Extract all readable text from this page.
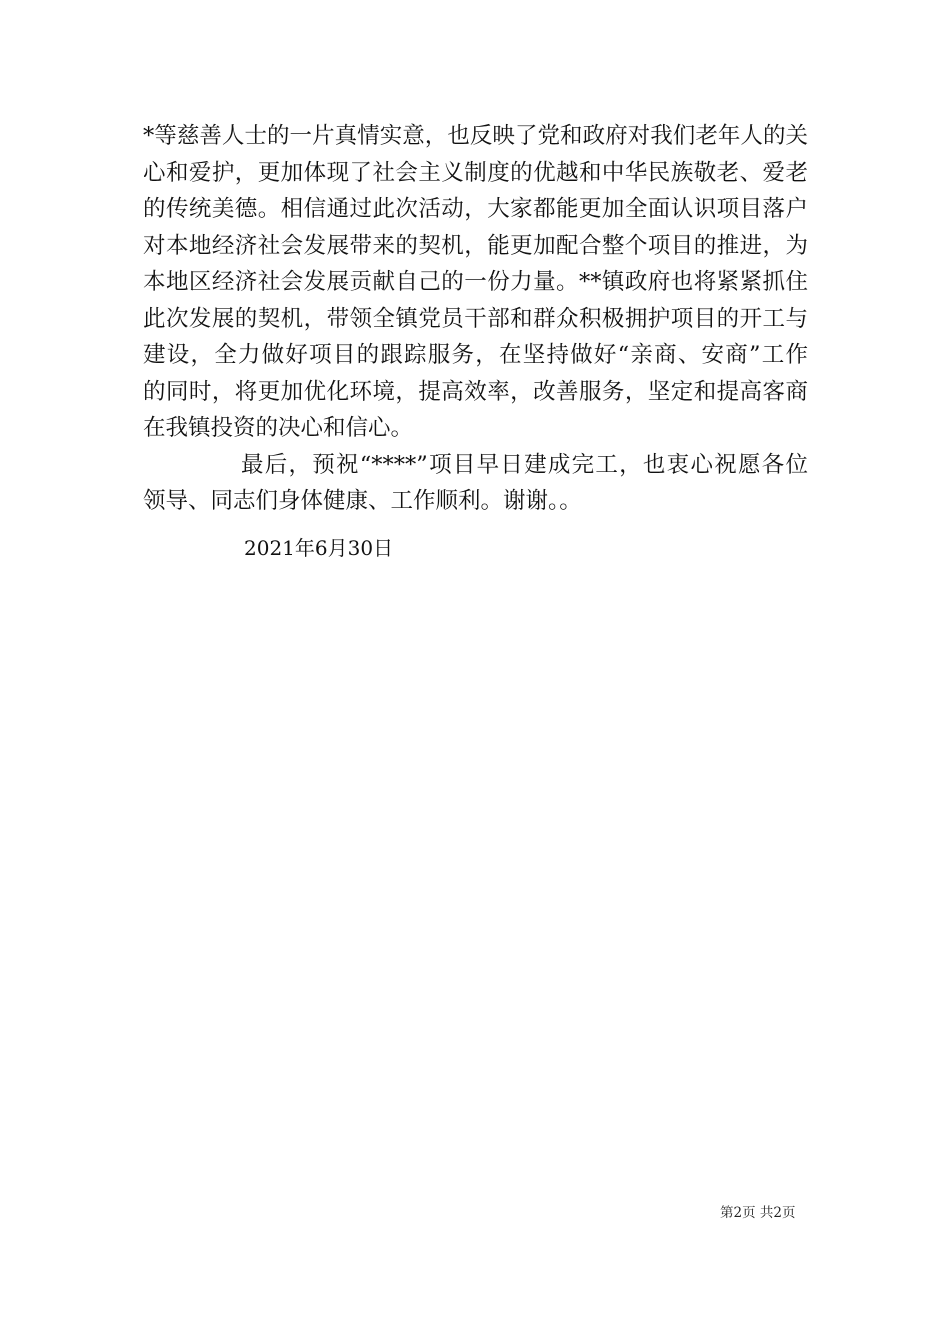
*等慈善人士的一片真情实意，也反映了党和政府对我们老年人的关
心和爱护，更加体现了社会主义制度的优越和中华民族敬老、爱老
的传统美德。相信通过此次活动，大家都能更加全面认识项目落户
对本地经济社会发展带来的契机，能更加配合整个项目的推进，为
本地区经济社会发展贡献自己的一份力量。**镇政府也将紧紧抓住
此次发展的契机，带领全镇党员干部和群众积极拥护项目的开工与
建设，全力做好项目的跟踪服务，在坚持做好“亲商、安商”工作
的同时，将更加优化环境，提高效率，改善服务，坚定和提高客商
在我镇投资的决心和信心。
最后，预祝“****”项目早日建成完工，也衷心祝愿各位
领导、同志们身体健康、工作顺利。谢谢。。
2021年6月30日
第2页 共2页
